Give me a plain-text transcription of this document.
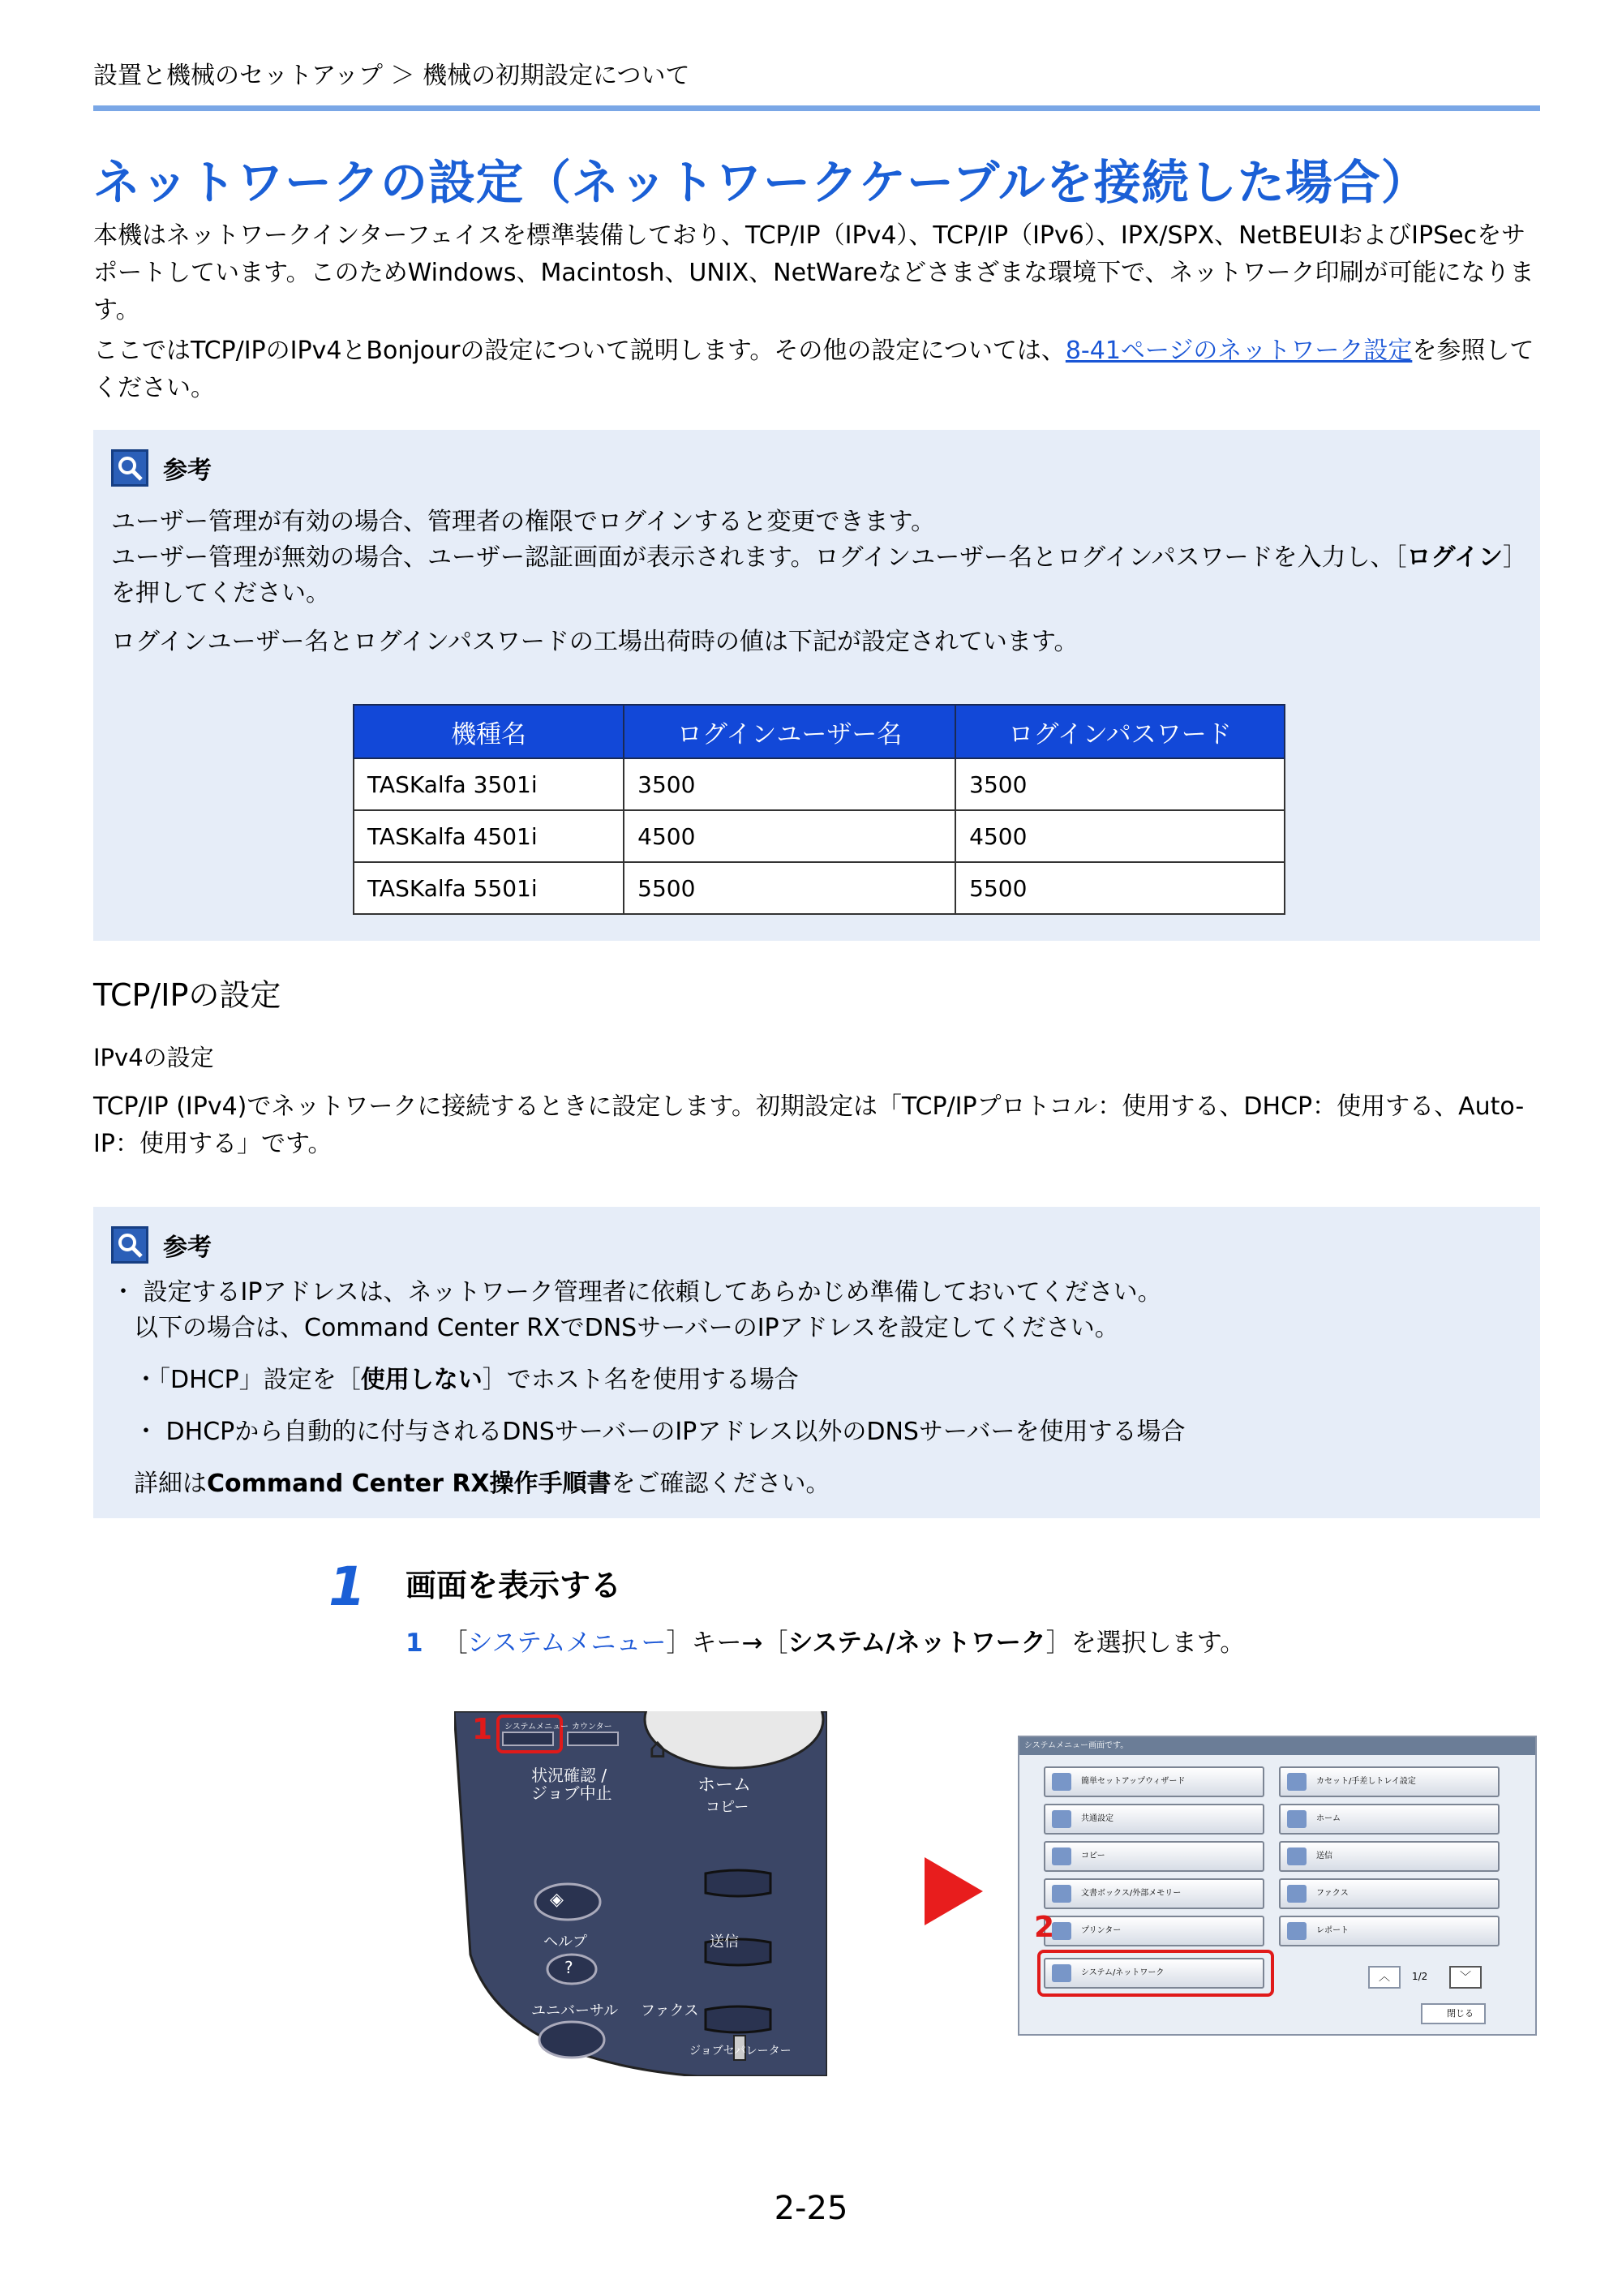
設置と機械のセットアップ ＞ 機械の初期設定について
ネットワークの設定（ネットワークケーブルを接続した場合）
本機はネットワークインターフェイスを標準装備しており、TCP/IP（IPv4）、TCP/IP（IPv6）、IPX/SPX、NetBEUIおよびIPSecをサポートしています。このためWindows、Macintosh、UNIX、NetWareなどさまざまな環境下で、ネットワーク印刷が可能になります。
ここではTCP/IPのIPv4とBonjourの設定について説明します。その他の設定については、8-41ページのネットワーク設定を参照してください。
参考
ユーザー管理が有効の場合、管理者の権限でログインすると変更できます。
ユーザー管理が無効の場合、ユーザー認証画面が表示されます。ログインユーザー名とログインパスワードを入力し、［ログイン］を押してください。
ログインユーザー名とログインパスワードの工場出荷時の値は下記が設定されています。
機種名	ログインユーザー名	ログインパスワード
TASKalfa 3501i	3500	3500
TASKalfa 4501i	4500	4500
TASKalfa 5501i	5500	5500
TCP/IPの設定
IPv4の設定
TCP/IP (IPv4)でネットワークに接続するときに設定します。初期設定は「TCP/IPプロトコル：使用する、DHCP：使用する、Auto-IP：使用する」です。
参考
・ 設定するIPアドレスは、ネットワーク管理者に依頼してあらかじめ準備しておいてください。
以下の場合は、Command Center RXでDNSサーバーのIPアドレスを設定してください。
・「DHCP」設定を［使用しない］でホスト名を使用する場合
・ DHCPから自動的に付与されるDNSサーバーのIPアドレス以外のDNSサーバーを使用する場合
詳細はCommand Center RX操作手順書をご確認ください。
1 画面を表示する
1 ［システムメニュー］キー→［システム/ネットワーク］を選択します。
1 システムメニュー カウンター
状況確認 /
ジョブ中止	ホーム
⌂
コピー
◈
ヘルプ	送信
?
ユニバーサル ファクス
ジョブセパレーター
システムメニュー画面です。
簡単セットアップウィザード	カセット/手差しトレイ設定
共通設定	ホーム
コピー	送信
文書ボックス/外部メモリー	ファクス
プリンター	レポート
システム/ネットワーク
2
︿	1/2	﹀
閉じる
2-25
